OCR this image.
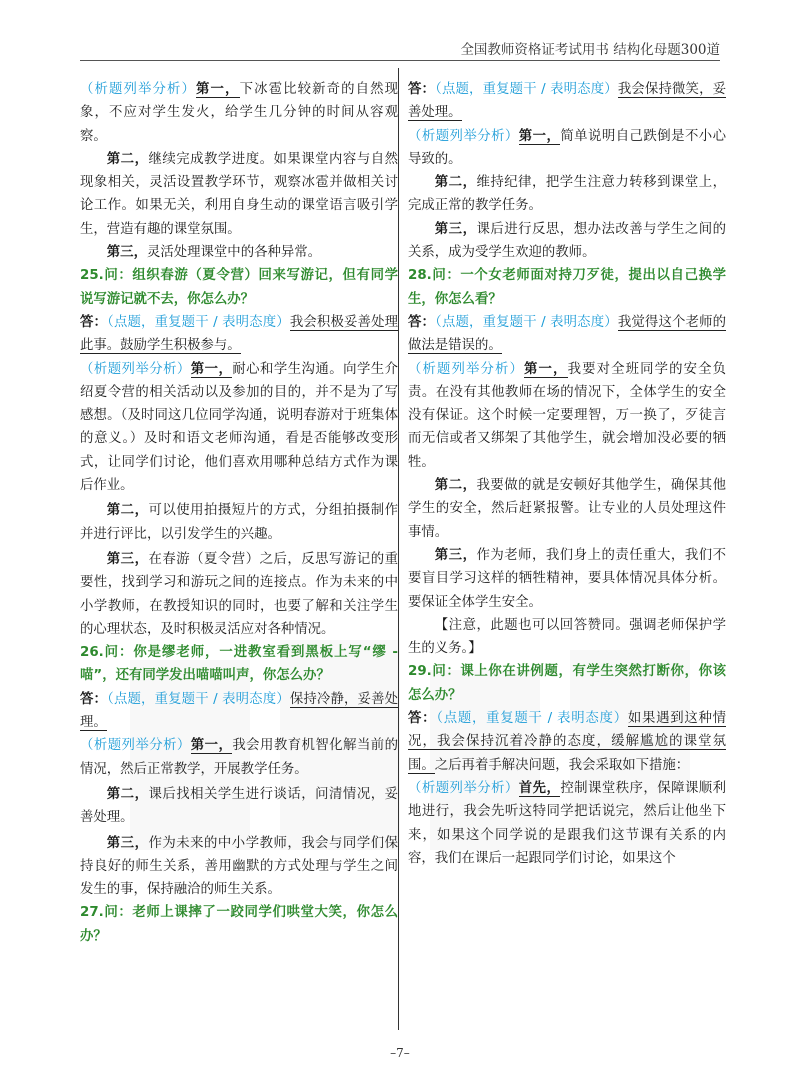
全国教师资格证考试用书 结构化母题300道

（析题列举分析）第一，下冰雹比较新奇的自然现象，不应对学生发火，给学生几分钟的时间从容观察。

第二，继续完成教学进度。如果课堂内容与自然现象相关，灵活设置教学环节，观察冰雹并做相关讨论工作。如果无关，利用自身生动的课堂语言吸引学生，营造有趣的课堂氛围。

第三，灵活处理课堂中的各种异常。

25.问：组织春游（夏令营）回来写游记，但有同学说写游记就不去，你怎么办？

答：（点题，重复题干 / 表明态度）我会积极妥善处理此事。鼓励学生积极参与。

（析题列举分析）第一，耐心和学生沟通。向学生介绍夏令营的相关活动以及参加的目的，并不是为了写感想。（及时同这几位同学沟通，说明春游对于班集体的意义。）及时和语文老师沟通，看是否能够改变形式，让同学们讨论，他们喜欢用哪种总结方式作为课后作业。

第二，可以使用拍摄短片的方式，分组拍摄制作并进行评比，以引发学生的兴趣。

第三，在春游（夏令营）之后，反思写游记的重要性，找到学习和游玩之间的连接点。作为未来的中小学教师，在教授知识的同时，也要了解和关注学生的心理状态，及时积极灵活应对各种情况。

26.问：你是缪老师，一进教室看到黑板上写“缪 - 喵”，还有同学发出喵喵叫声，你怎么办？

答：（点题，重复题干 / 表明态度）保持冷静，妥善处理。

（析题列举分析）第一，我会用教育机智化解当前的情况，然后正常教学，开展教学任务。

第二，课后找相关学生进行谈话，问清情况，妥善处理。

第三，作为未来的中小学教师，我会与同学们保持良好的师生关系，善用幽默的方式处理与学生之间发生的事，保持融洽的师生关系。

27.问：老师上课摔了一跤同学们哄堂大笑，你怎么办？

答：（点题，重复题干 / 表明态度）我会保持微笑，妥善处理。

（析题列举分析）第一，简单说明自己跌倒是不小心导致的。

第二，维持纪律，把学生注意力转移到课堂上，完成正常的教学任务。

第三，课后进行反思，想办法改善与学生之间的关系，成为受学生欢迎的教师。

28.问：一个女老师面对持刀歹徒，提出以自己换学生，你怎么看？

答：（点题，重复题干 / 表明态度）我觉得这个老师的做法是错误的。

（析题列举分析）第一，我要对全班同学的安全负责。在没有其他教师在场的情况下，全体学生的安全没有保证。这个时候一定要理智，万一换了，歹徒言而无信或者又绑架了其他学生，就会增加没必要的牺牲。

第二，我要做的就是安顿好其他学生，确保其他学生的安全，然后赶紧报警。让专业的人员处理这件事情。

第三，作为老师，我们身上的责任重大，我们不要盲目学习这样的牺牲精神，要具体情况具体分析。要保证全体学生安全。

【注意，此题也可以回答赞同。强调老师保护学生的义务。】

29.问：课上你在讲例题，有学生突然打断你，你该怎么办？

答：（点题，重复题干 / 表明态度）如果遇到这种情况，我会保持沉着冷静的态度，缓解尴尬的课堂氛围。之后再着手解决问题，我会采取如下措施：

（析题列举分析）首先，控制课堂秩序，保障课顺利地进行，我会先听这特同学把话说完，然后让他坐下来，如果这个同学说的是跟我们这节课有关系的内容，我们在课后一起跟同学们讨论，如果这个

–7–
